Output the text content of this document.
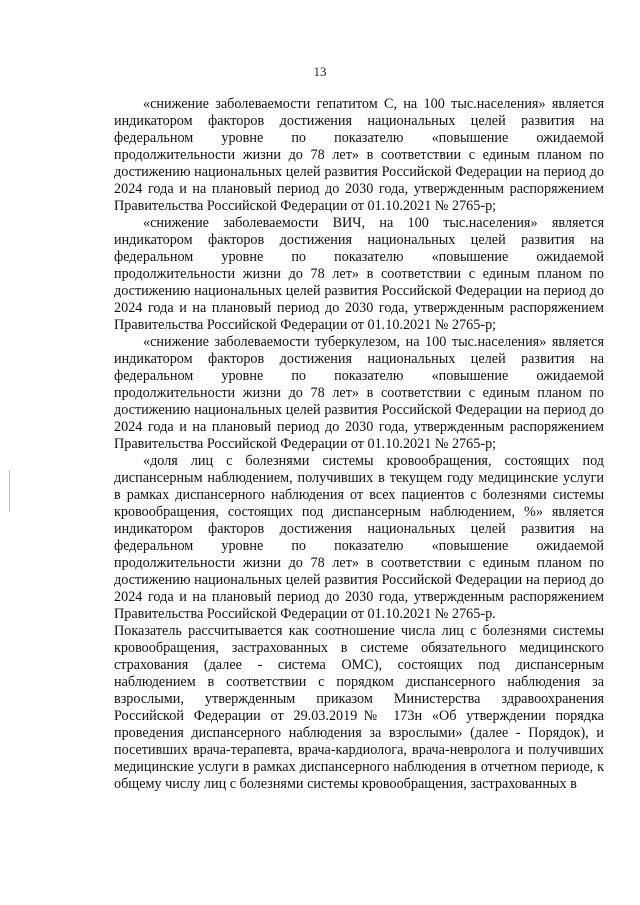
13

«снижение заболеваемости гепатитом С, на 100 тыс.населения» является индикатором факторов достижения национальных целей развития на федеральном уровне по показателю «повышение ожидаемой продолжительности жизни до 78 лет» в соответствии с единым планом по достижению национальных целей развития Российской Федерации на период до 2024 года и на плановый период до 2030 года, утвержденным распоряжением Правительства Российской Федерации от 01.10.2021 № 2765-р;

«снижение заболеваемости ВИЧ, на 100 тыс.населения» является индикатором факторов достижения национальных целей развития на федеральном уровне по показателю «повышение ожидаемой продолжительности жизни до 78 лет» в соответствии с единым планом по достижению национальных целей развития Российской Федерации на период до 2024 года и на плановый период до 2030 года, утвержденным распоряжением Правительства Российской Федерации от 01.10.2021 № 2765-р;

«снижение заболеваемости туберкулезом, на 100 тыс.населения» является индикатором факторов достижения национальных целей развития на федеральном уровне по показателю «повышение ожидаемой продолжительности жизни до 78 лет» в соответствии с единым планом по достижению национальных целей развития Российской Федерации на период до 2024 года и на плановый период до 2030 года, утвержденным распоряжением Правительства Российской Федерации от 01.10.2021 № 2765-р;

«доля лиц с болезнями системы кровообращения, состоящих под диспансерным наблюдением, получивших в текущем году медицинские услуги в рамках диспансерного наблюдения от всех пациентов с болезнями системы кровообращения, состоящих под диспансерным наблюдением, %» является индикатором факторов достижения национальных целей развития на федеральном уровне по показателю «повышение ожидаемой продолжительности жизни до 78 лет» в соответствии с единым планом по достижению национальных целей развития Российской Федерации на период до 2024 года и на плановый период до 2030 года, утвержденным распоряжением Правительства Российской Федерации от 01.10.2021 № 2765-р.

Показатель рассчитывается как соотношение числа лиц с болезнями системы кровообращения, застрахованных в системе обязательного медицинского страхования (далее - система ОМС), состоящих под диспансерным наблюдением в соответствии с порядком диспансерного наблюдения за взрослыми, утвержденным приказом Министерства здравоохранения Российской Федерации от 29.03.2019№ 173н «Об утверждении порядка проведения диспансерного наблюдения за взрослыми» (далее - Порядок), и посетивших врача-терапевта, врача-кардиолога, врача-невролога и получивших медицинские услуги в рамках диспансерного наблюдения в отчетном периоде, к общему числу лиц с болезнями системы кровообращения, застрахованных в
